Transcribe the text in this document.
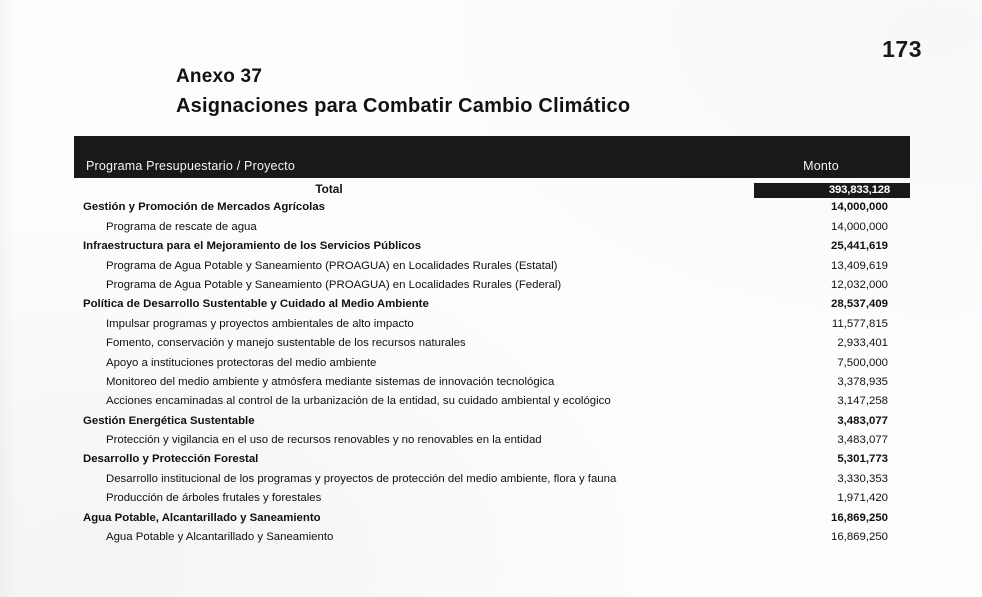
173
Anexo 37
Asignaciones para Combatir Cambio Climático
Programa Presupuestario / Proyecto	Monto
Total	393,833,128
Gestión y Promoción de Mercados Agrícolas	14,000,000
Programa de rescate de agua	14,000,000
Infraestructura para el Mejoramiento de los Servicios Públicos	25,441,619
Programa de Agua Potable y Saneamiento (PROAGUA) en Localidades Rurales (Estatal)	13,409,619
Programa de Agua Potable y Saneamiento (PROAGUA) en Localidades Rurales (Federal)	12,032,000
Política de Desarrollo Sustentable y Cuidado al Medio Ambiente	28,537,409
Impulsar programas y proyectos ambientales de alto impacto	11,577,815
Fomento, conservación y manejo sustentable de los recursos naturales	2,933,401
Apoyo a instituciones protectoras del medio ambiente	7,500,000
Monitoreo del medio ambiente y atmósfera mediante sistemas de innovación tecnológica	3,378,935
Acciones encaminadas al control de la urbanización de la entidad, su cuidado ambiental y ecológico	3,147,258
Gestión Energética Sustentable	3,483,077
Protección y vigilancia en el uso de recursos renovables y no renovables en la entidad	3,483,077
Desarrollo y Protección Forestal	5,301,773
Desarrollo institucional de los programas y proyectos de protección del medio ambiente, flora y fauna	3,330,353
Producción de árboles frutales y forestales	1,971,420
Agua Potable, Alcantarillado y Saneamiento	16,869,250
Agua Potable y Alcantarillado y Saneamiento	16,869,250
